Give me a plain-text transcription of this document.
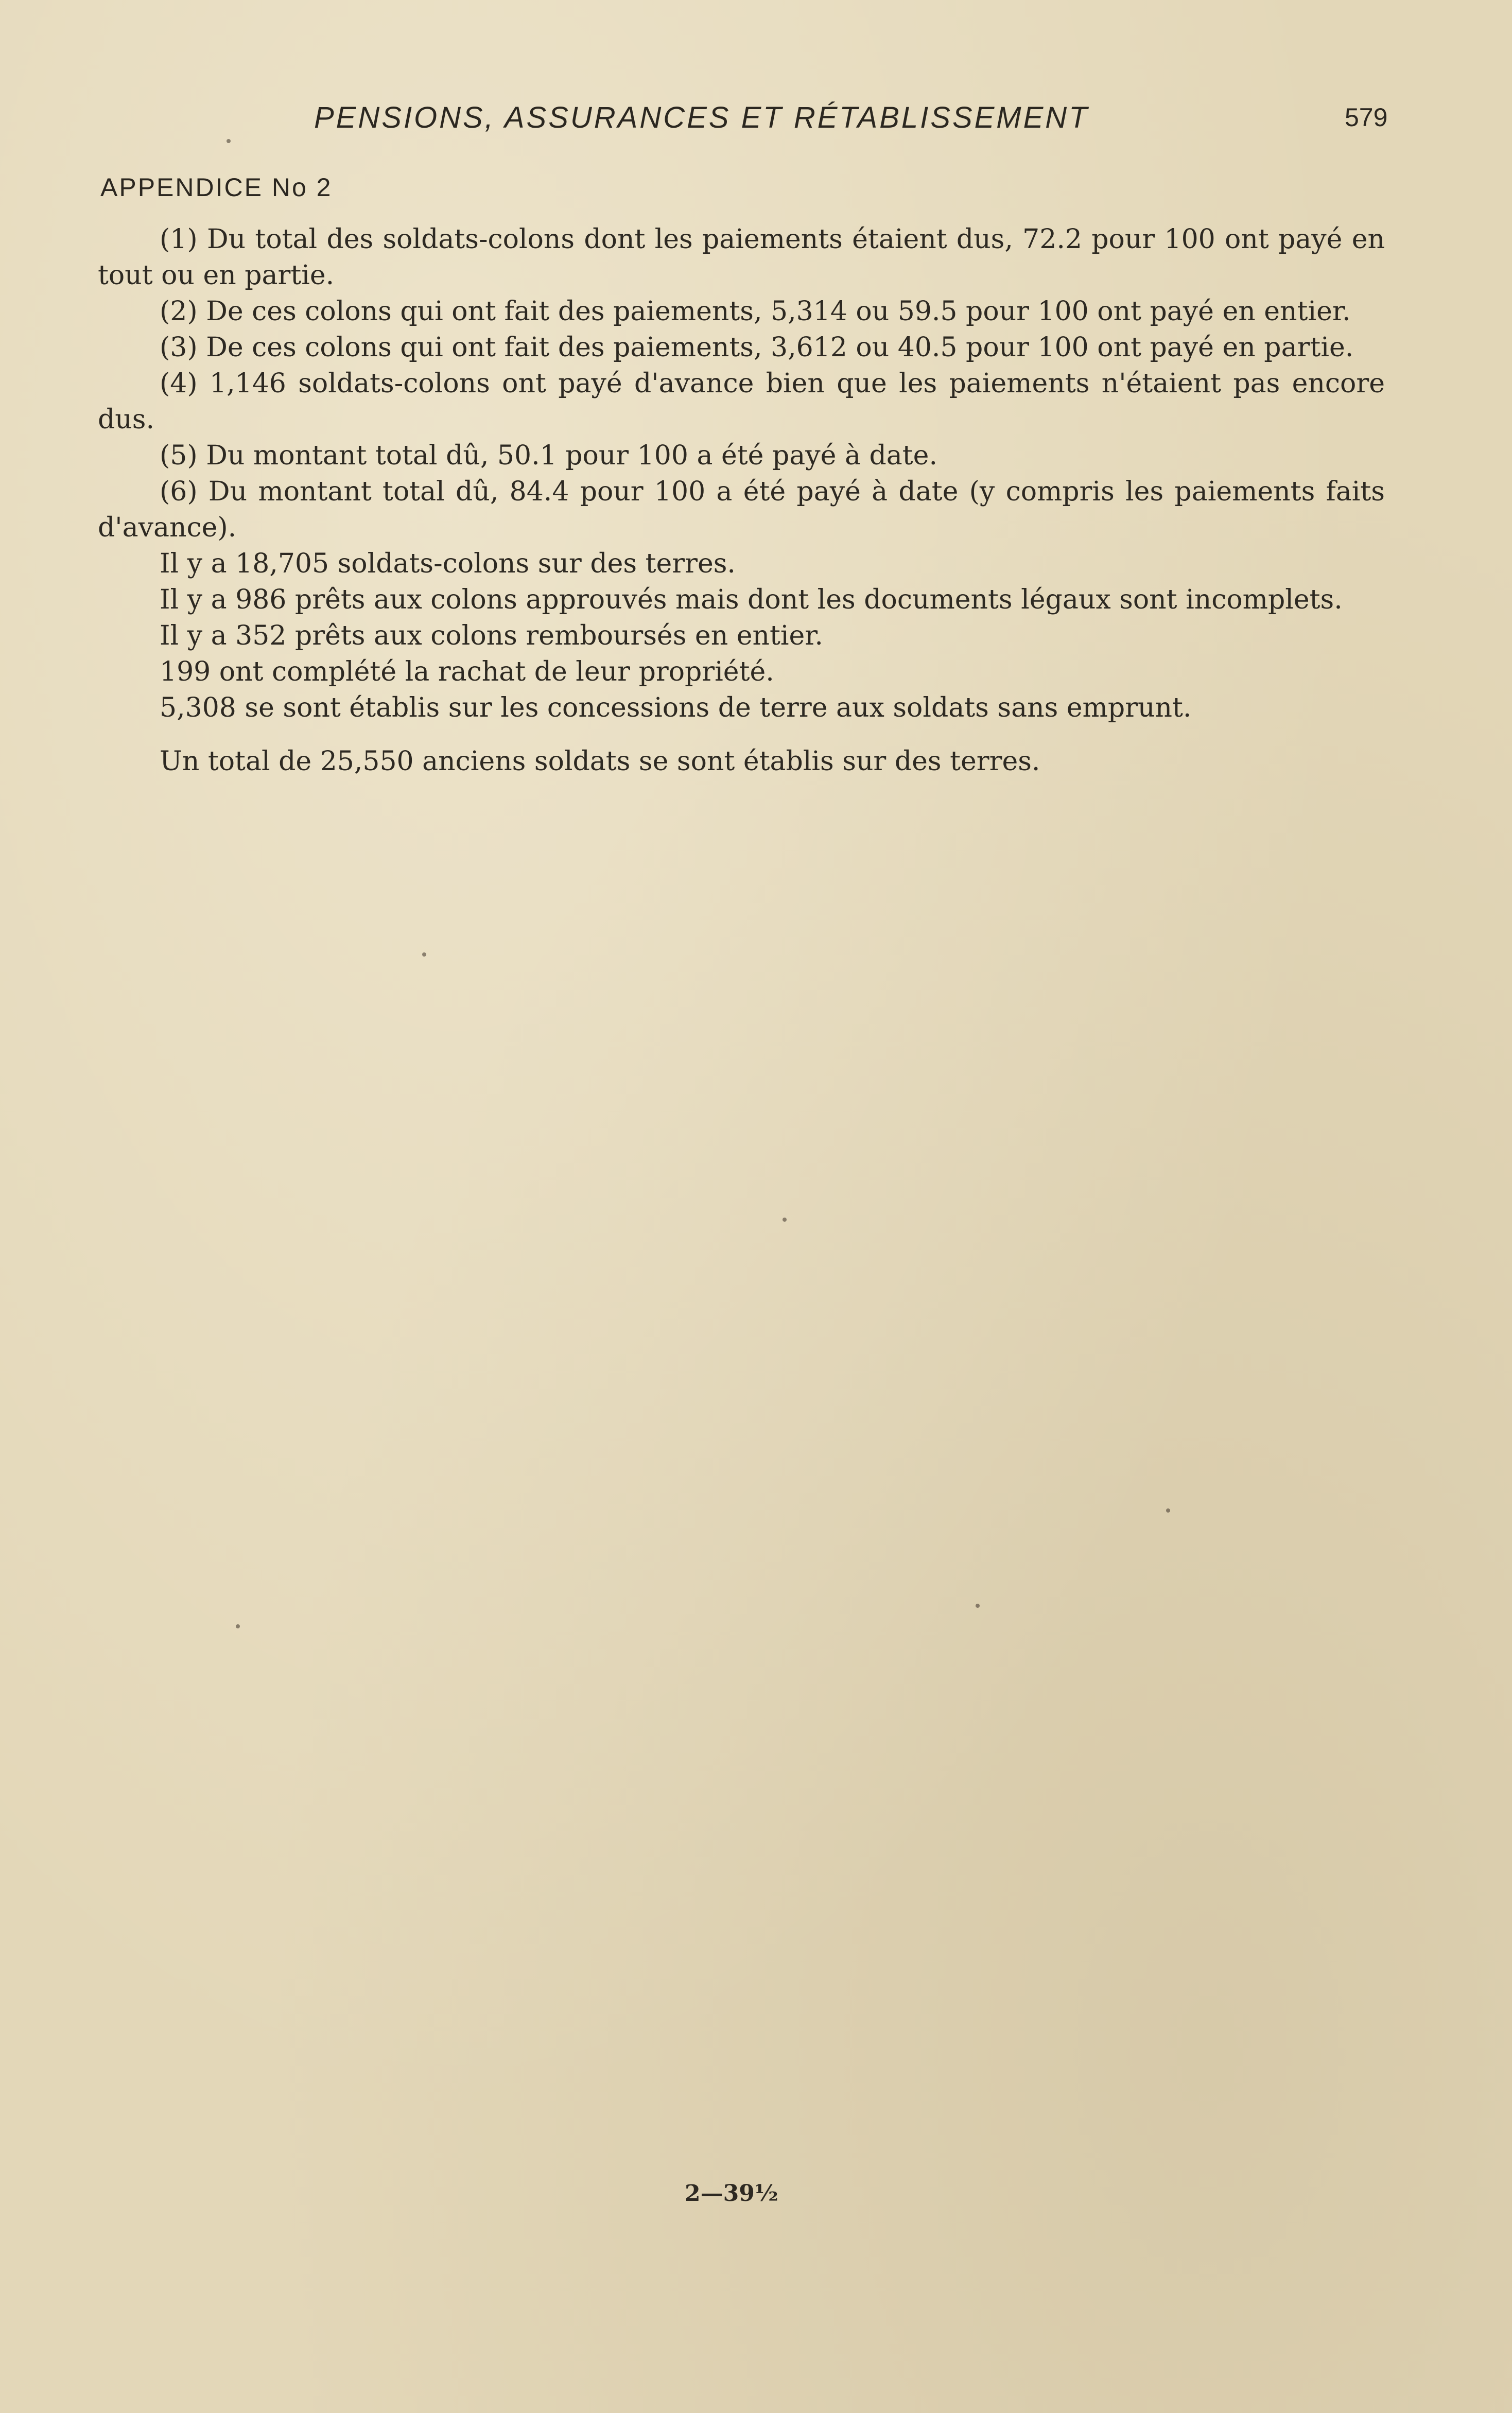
PENSIONS, ASSURANCES ET RÉTABLISSEMENT	579
APPENDICE No 2

(1) Du total des soldats-colons dont les paiements étaient dus, 72.2 pour 100 ont payé en tout ou en partie.

(2) De ces colons qui ont fait des paiements, 5,314 ou 59.5 pour 100 ont payé en entier.

(3) De ces colons qui ont fait des paiements, 3,612 ou 40.5 pour 100 ont payé en partie.

(4) 1,146 soldats-colons ont payé d'avance bien que les paiements n'étaient pas encore dus.

(5) Du montant total dû, 50.1 pour 100 a été payé à date.

(6) Du montant total dû, 84.4 pour 100 a été payé à date (y compris les paiements faits d'avance).

Il y a 18,705 soldats-colons sur des terres.

Il y a 986 prêts aux colons approuvés mais dont les documents légaux sont incomplets.

Il y a 352 prêts aux colons remboursés en entier.

199 ont complété la rachat de leur propriété.

5,308 se sont établis sur les concessions de terre aux soldats sans emprunt.

Un total de 25,550 anciens soldats se sont établis sur des terres.

2—39½
